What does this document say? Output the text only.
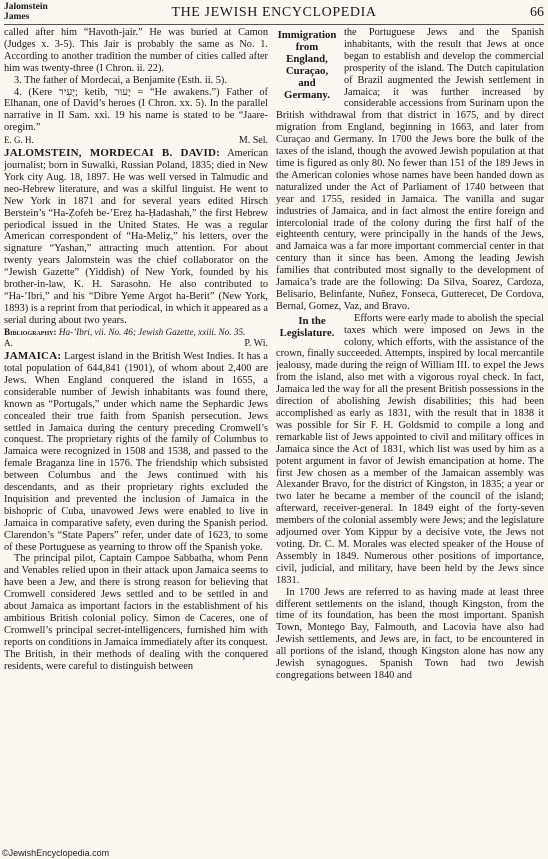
Jalomstein
James	THE JEWISH ENCYCLOPEDIA	66

called after him “Havoth-jair.” He was buried at Camon (Judges x. 3-5). This Jair is probably the same as No. 1. According to another tradition the number of cities called after him was twenty-three (I Chron. ii. 22).

3. The father of Mordecai, a Benjamite (Esth. ii. 5).

4. (Kere יָעִיר; ketib, יָעוּר = “He awakens.”) Father of Elhanan, one of David’s heroes (I Chron. xx. 5). In the parallel narrative in II Sam. xxi. 19 his name is stated to be “Jaare-oregim.”

E. G. H.	M. Sel.

JALOMSTEIN, MORDECAI B. DAVID: American journalist; born in Suwalki, Russian Poland, 1835; died in New York city Aug. 18, 1897. He was well versed in Talmudic and neo-Hebrew literature, and was a skilful linguist. He went to New York in 1871 and for several years edited Hirsch Berstein’s “Ha-Ẓofeh be-’Ereẓ ha-Ḥadashah,” the first Hebrew periodical issued in the United States. He was a regular American correspondent of “Ha-Meliẓ,” his letters, over the signature “Yashan,” attracting much attention. For about twenty years Jalomstein was the chief collaborator on the “Jewish Gazette” (Yiddish) of New York, founded by his brother-in-law, K. H. Sarasohn. He also contributed to “Ha-’Ibri,” and his “Dibre Yeme Argot ha-Berit” (New York, 1893) is a reprint from that periodical, in which it appeared as a serial during about two years.

Bibliography: Ha-’Ibri, vii. No. 46; Jewish Gazette, xxiii. No. 35.

A.	P. Wi.

JAMAICA: Largest island in the British West Indies. It has a total population of 644,841 (1901), of whom about 2,400 are Jews. When England conquered the island in 1655, a considerable number of Jewish inhabitants was found there, known as “Portugals,” under which name the Sephardic Jews concealed their true faith from Spanish persecution. Jews settled in Jamaica during the century preceding Cromwell’s conquest. The proprietary rights of the family of Columbus to Jamaica were recognized in 1508 and 1538, and passed to the female Braganza line in 1576. The friendship which subsisted between Columbus and the Jews continued with his descendants, and as their proprietary rights excluded the Inquisition and prevented the inclusion of Jamaica in the bishopric of Cuba, unavowed Jews were enabled to live in Jamaica in comparative safety, even during the Spanish period. Clarendon’s “State Papers” refer, under date of 1623, to some of these Portuguese as yearning to throw off the Spanish yoke.

The principal pilot, Captain Campoe Sabbatha, whom Penn and Venables relied upon in their attack upon Jamaica seems to have been a Jew, and there is strong reason for believing that Cromwell considered Jews settled and to be settled in and about Jamaica as important factors in the establishment of his ambitious British colonial policy. Simon de Caceres, one of Cromwell’s principal secret-intelligencers, furnished him with reports on conditions in Jamaica immediately after its conquest. The British, in their methods of dealing with the conquered residents, were careful to distinguish between

Immigration from England, Curaçao, and Germany.
the Portuguese Jews and the Spanish inhabitants, with the result that Jews at once began to establish and develop the commercial prosperity of the island. The Dutch capitulation of Brazil augmented the Jewish settlement in Jamaica; it was further increased by considerable accessions from Surinam upon the British withdrawal from that district in 1675, and by direct migration from England, beginning in 1663, and later from Curaçao and Germany. In 1700 the Jews bore the bulk of the taxes of the island, though the avowed Jewish population at that time is figured as only 80. No fewer than 151 of the 189 Jews in the American colonies whose names have been handed down as naturalized under the Act of Parliament of 1740 between that year and 1755, resided in Jamaica. The vanilla and sugar industries of Jamaica, and in fact almost the entire foreign and intercolonial trade of the colony during the first half of the eighteenth century, were principally in the hands of the Jews, and Jamaica was a far more important commercial center in that century than it since has been. Among the leading Jewish families that contributed most signally to the development of Jamaica’s trade are the following: Da Silva, Soarez, Cardoza, Belisario, Belinfante, Nuñez, Fonseca, Gutterecet, De Cordova, Bernal, Gomez, Vaz, and Bravo.

In the Legislature.
Efforts were early made to abolish the special taxes which were imposed on Jews in the colony, which efforts, with the assistance of the crown, finally succeeded. Attempts, inspired by local mercantile jealousy, made during the reign of William III. to expel the Jews from the island, also met with a vigorous royal check. In fact, Jamaica led the way for all the present British possessions in the direction of abolishing Jewish disabilities; this had been accomplished as early as 1831, with the result that in 1838 it was possible for Sir F. H. Goldsmid to compile a long and remarkable list of Jews appointed to civil and military offices in Jamaica since the Act of 1831, which list was used by him as a potent argument in favor of Jewish emancipation at home. The first Jew chosen as a member of the Jamaican assembly was Alexander Bravo, for the district of Kingston, in 1835; a year or two later he became a member of the council of the island; afterward, receiver-general. In 1849 eight of the forty-seven members of the colonial assembly were Jews; and the legislature adjourned over Yom Kippur by a decisive vote, the Jews not voting. Dr. C. M. Morales was elected speaker of the House of Assembly in 1849. Numerous other positions of importance, civil, judicial, and military, have been held by the Jews since 1831.

In 1700 Jews are referred to as having made at least three different settlements on the island, though Kingston, from the time of its foundation, has been the most important. Spanish Town, Montego Bay, Falmouth, and Lacovia have also had Jewish settlements, and Jews are, in fact, to be encountered in all portions of the island, though Kingston alone has now any Jewish synagogues. Spanish Town had two Jewish congregations between 1840 and

©JewishEncyclopedia.com
